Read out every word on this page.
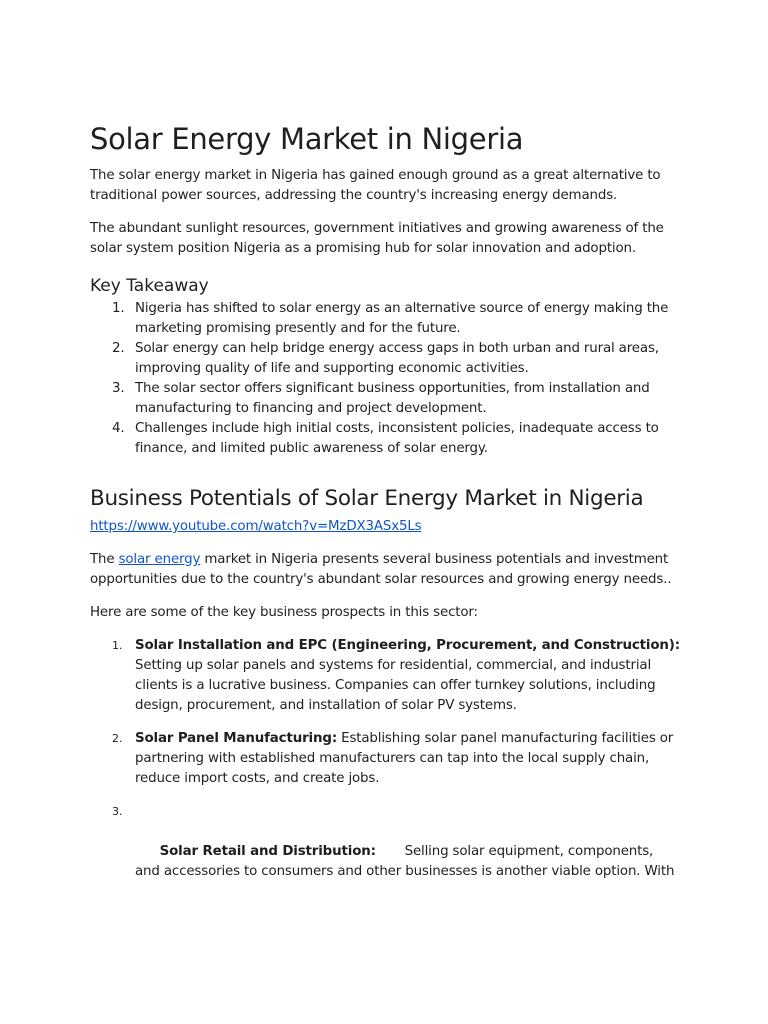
Solar Energy Market in Nigeria

The solar energy market in Nigeria has gained enough ground as a great alternative to traditional power sources, addressing the country's increasing energy demands.

The abundant sunlight resources, government initiatives and growing awareness of the solar system position Nigeria as a promising hub for solar innovation and adoption.

Key Takeaway
1. Nigeria has shifted to solar energy as an alternative source of energy making the marketing promising presently and for the future.
2. Solar energy can help bridge energy access gaps in both urban and rural areas, improving quality of life and supporting economic activities.
3. The solar sector offers significant business opportunities, from installation and manufacturing to financing and project development.
4. Challenges include high initial costs, inconsistent policies, inadequate access to finance, and limited public awareness of solar energy.
Business Potentials of Solar Energy Market in Nigeria
https://www.youtube.com/watch?v=MzDX3ASx5Ls

The solar energy market in Nigeria presents several business potentials and investment opportunities due to the country's abundant solar resources and growing energy needs..

Here are some of the key business prospects in this sector:

1. Solar Installation and EPC (Engineering, Procurement, and Construction): Setting up solar panels and systems for residential, commercial, and industrial clients is a lucrative business. Companies can offer turnkey solutions, including design, procurement, and installation of solar PV systems.
2. Solar Panel Manufacturing: Establishing solar panel manufacturing facilities or partnering with established manufacturers can tap into the local supply chain, reduce import costs, and create jobs.

3.

Solar Retail and Distribution:       Selling solar equipment, components, and accessories to consumers and other businesses is another viable option. With
